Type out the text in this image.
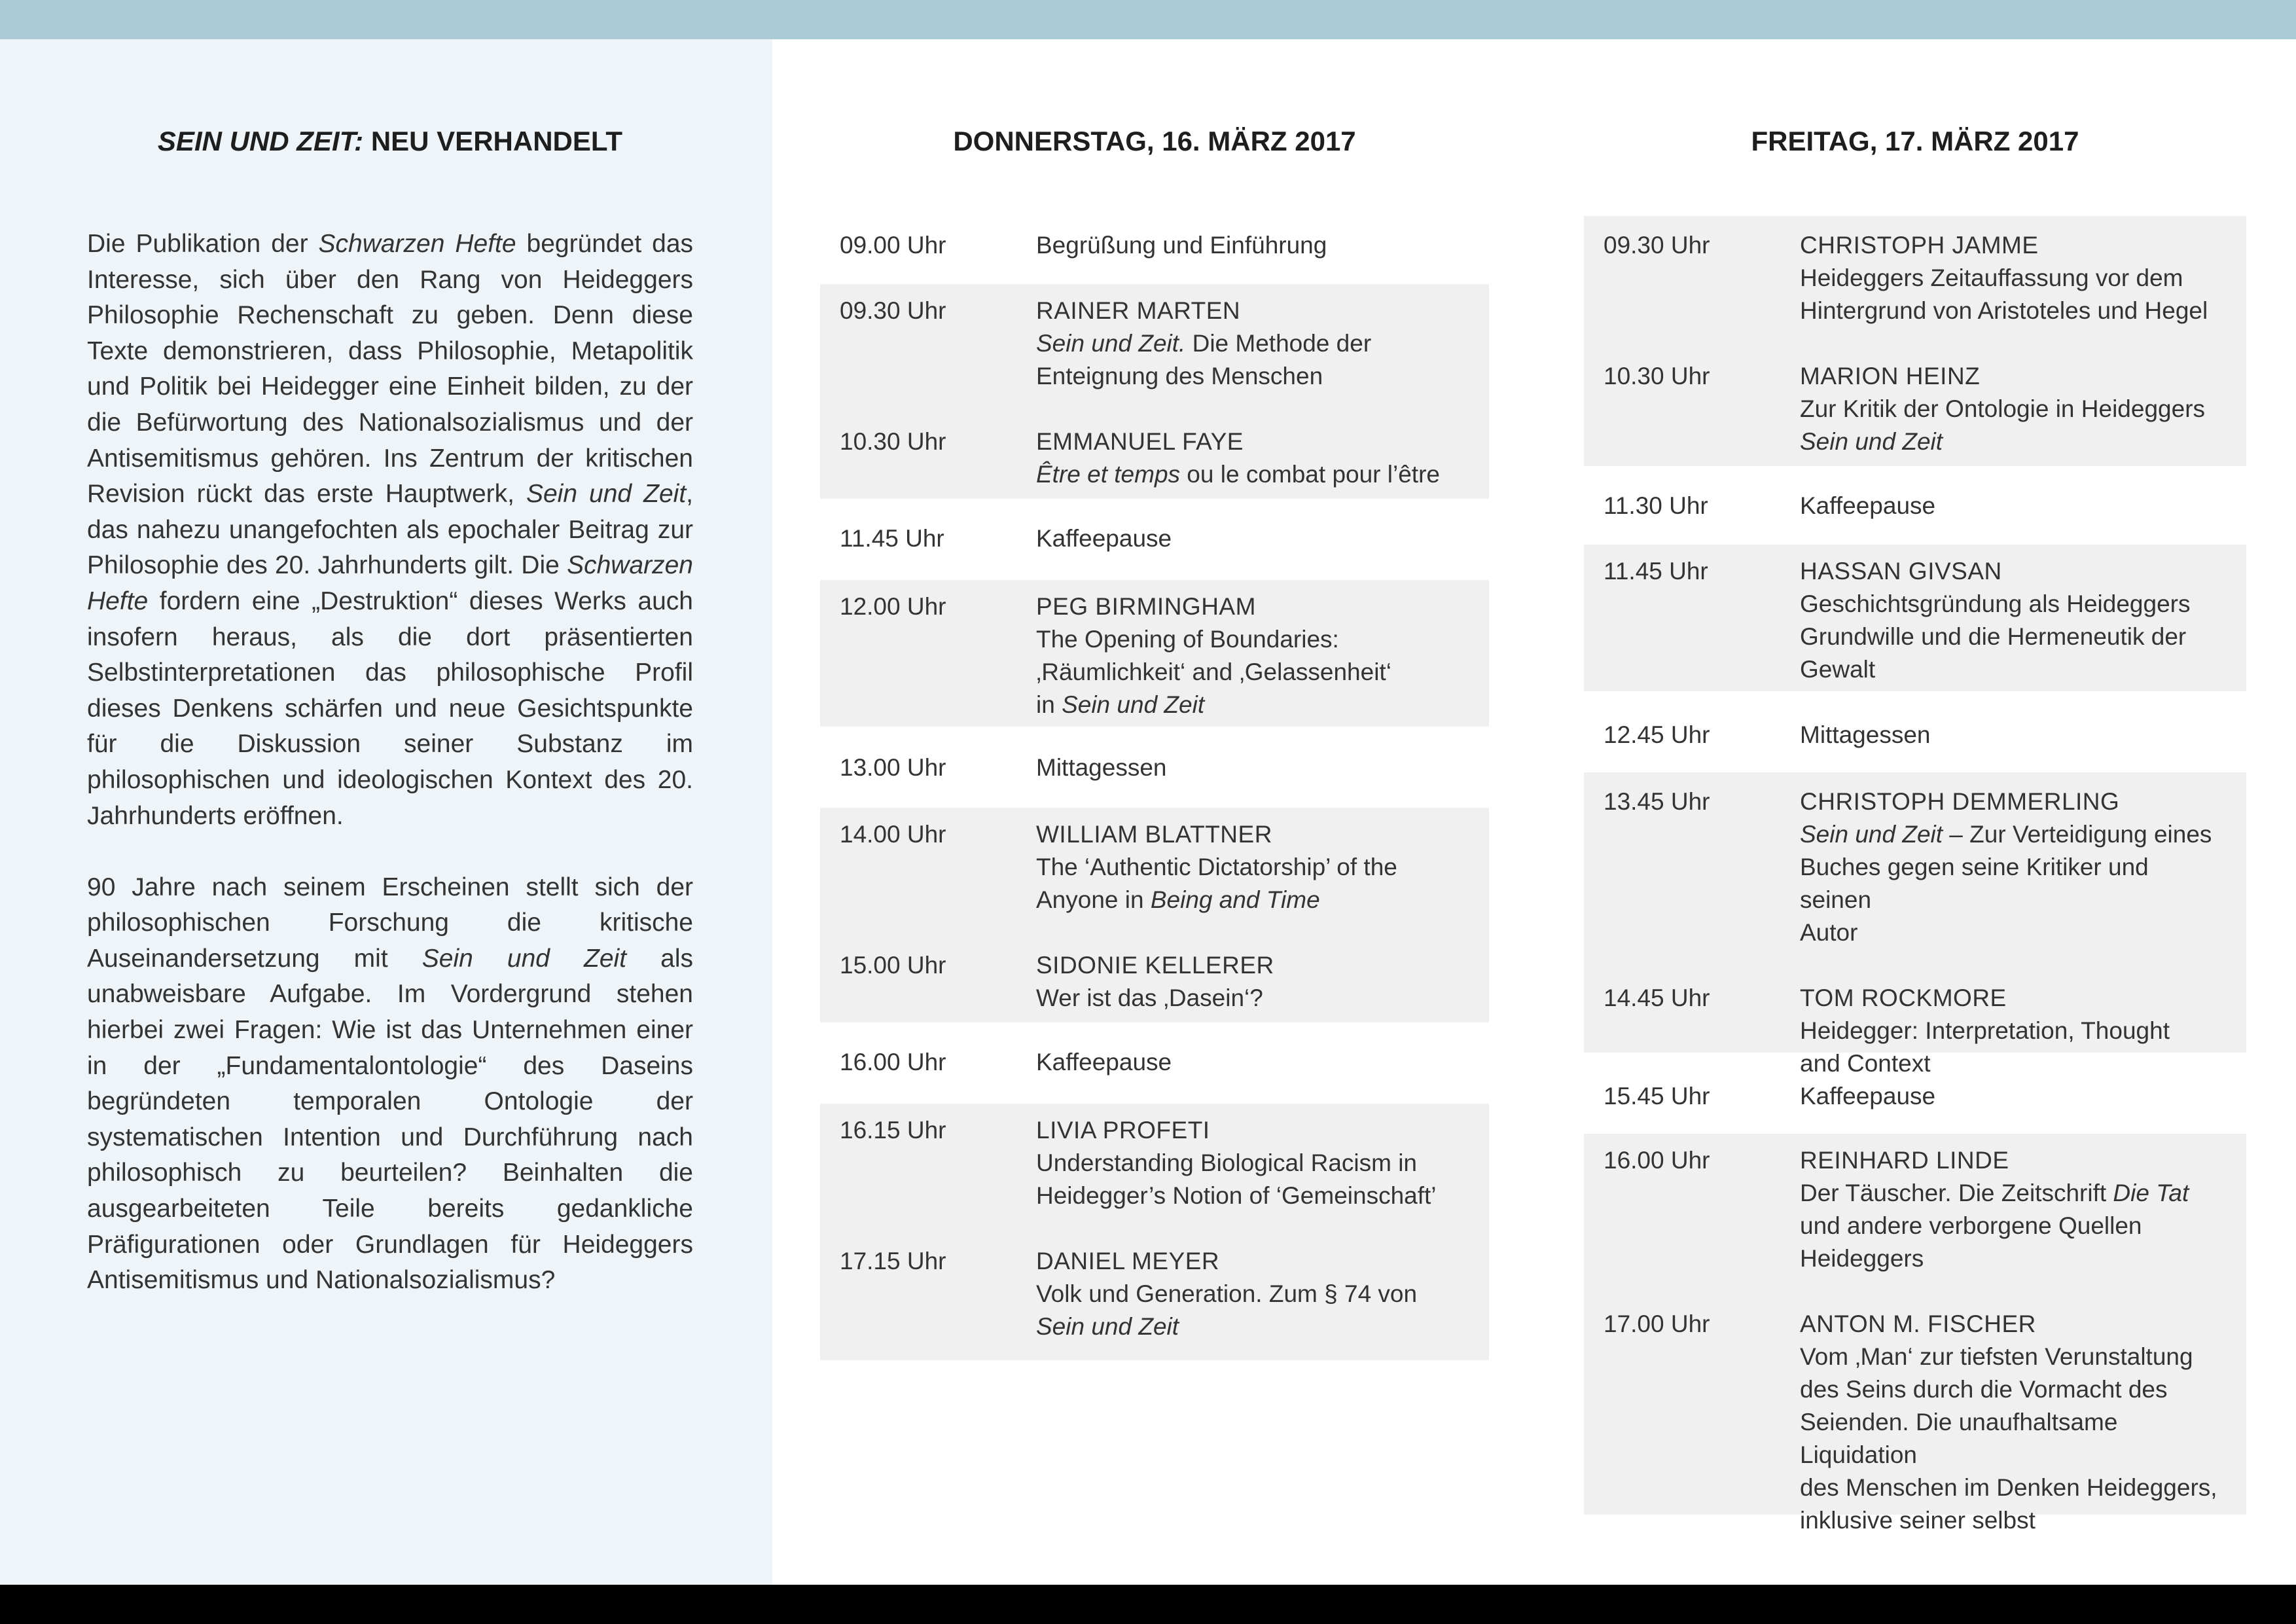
SEIN UND ZEIT: NEU VERHANDELT	DONNERSTAG, 16. MÄRZ 2017	FREITAG, 17. MÄRZ 2017

Die Publikation der Schwarzen Hefte begründet das Interesse, sich über den Rang von Heideggers Philosophie Rechenschaft zu geben. Denn diese Texte demonstrieren, dass Philosophie, Metapolitik und Politik bei Heidegger eine Einheit bilden, zu der die Befürwortung des Nationalsozialismus und der Antisemitismus gehören. Ins Zentrum der kritischen Revision rückt das erste Hauptwerk, Sein und Zeit, das nahezu unangefochten als epochaler Beitrag zur Philosophie des 20. Jahrhunderts gilt. Die Schwarzen Hefte fordern eine „Destruktion“ dieses Werks auch insofern heraus, als die dort präsentierten Selbstinterpretationen das philosophische Profil dieses Denkens schärfen und neue Gesichtspunkte für die Diskussion seiner Substanz im philosophischen und ideologischen Kontext des 20. Jahrhunderts eröffnen.

90 Jahre nach seinem Erscheinen stellt sich der philosophischen Forschung die kritische Auseinandersetzung mit Sein und Zeit als unabweisbare Aufgabe. Im Vordergrund stehen hierbei zwei Fragen: Wie ist das Unternehmen einer in der „Fundamentalontologie“ des Daseins begründeten temporalen Ontologie der systematischen Intention und Durchführung nach philosophisch zu beurteilen? Beinhalten die ausgearbeiteten Teile bereits gedankliche Präfigurationen oder Grundlagen für Heideggers Antisemitismus und Nationalsozialismus?

09.00 Uhr	Begrüßung und Einführung
09.30 Uhr	RAINER MARTEN
Sein und Zeit. Die Methode der
Enteignung des Menschen
10.30 Uhr	EMMANUEL FAYE
Être et temps ou le combat pour l’être
11.45 Uhr	Kaffeepause
12.00 Uhr	PEG BIRMINGHAM
The Opening of Boundaries:
‚Räumlichkeit‘ and ‚Gelassenheit‘
in Sein und Zeit
13.00 Uhr	Mittagessen
14.00 Uhr	WILLIAM BLATTNER
The ‘Authentic Dictatorship’ of the
Anyone in Being and Time
15.00 Uhr	SIDONIE KELLERER
Wer ist das ‚Dasein‘?
16.00 Uhr	Kaffeepause
16.15 Uhr	LIVIA PROFETI
Understanding Biological Racism in
Heidegger’s Notion of ‘Gemeinschaft’
17.15 Uhr	DANIEL MEYER
Volk und Generation. Zum § 74 von
Sein und Zeit
09.30 Uhr	CHRISTOPH JAMME
Heideggers Zeitauffassung vor dem
Hintergrund von Aristoteles und Hegel
10.30 Uhr	MARION HEINZ
Zur Kritik der Ontologie in Heideggers
Sein und Zeit
11.30 Uhr	Kaffeepause
11.45 Uhr	HASSAN GIVSAN
Geschichtsgründung als Heideggers
Grundwille und die Hermeneutik der
Gewalt
12.45 Uhr	Mittagessen
13.45 Uhr	CHRISTOPH DEMMERLING
Sein und Zeit – Zur Verteidigung eines
Buches gegen seine Kritiker und seinen
Autor
14.45 Uhr	TOM ROCKMORE
Heidegger: Interpretation, Thought
and Context
15.45 Uhr	Kaffeepause
16.00 Uhr	REINHARD LINDE
Der Täuscher. Die Zeitschrift Die Tat
und andere verborgene Quellen
Heideggers
17.00 Uhr	ANTON M. FISCHER
Vom ‚Man‘ zur tiefsten Verunstaltung
des Seins durch die Vormacht des
Seienden. Die unaufhaltsame Liquidation
des Menschen im Denken Heideggers,
inklusive seiner selbst
